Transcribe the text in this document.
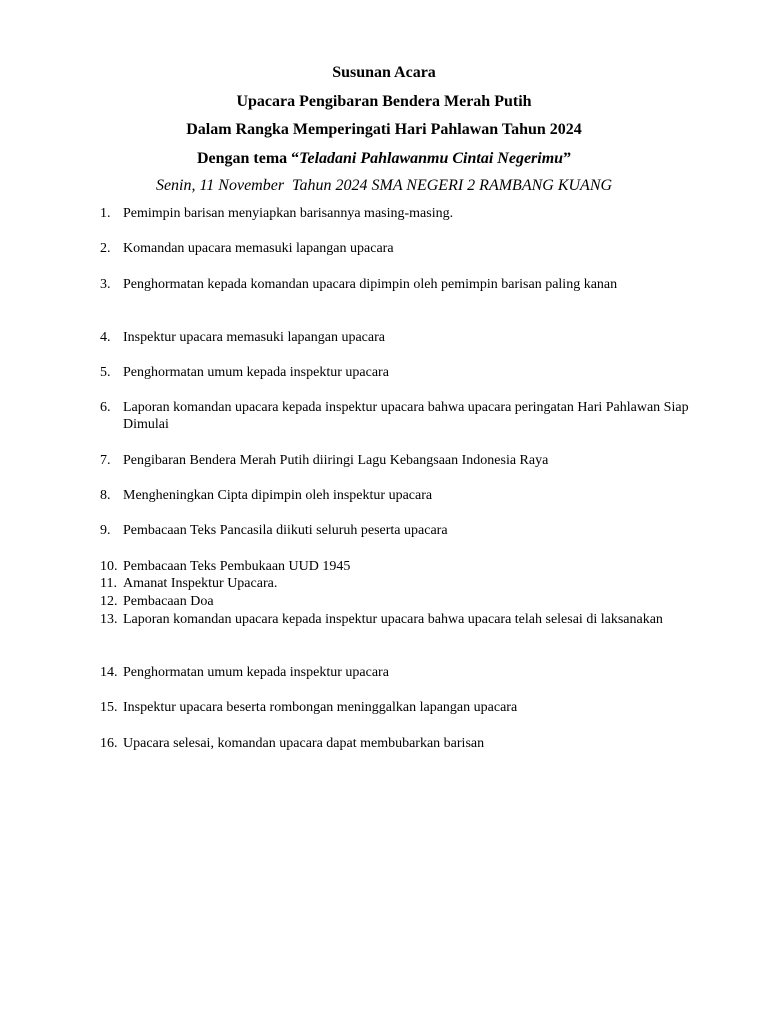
Susunan Acara
Upacara Pengibaran Bendera Merah Putih
Dalam Rangka Memperingati Hari Pahlawan Tahun 2024
Dengan tema “Teladani Pahlawanmu Cintai Negerimu”
Senin, 11 November  Tahun 2024 SMA NEGERI 2 RAMBANG KUANG
1. Pemimpin barisan menyiapkan barisannya masing-masing.
2. Komandan upacara memasuki lapangan upacara
3. Penghormatan kepada komandan upacara dipimpin oleh pemimpin barisan paling kanan
4. Inspektur upacara memasuki lapangan upacara
5. Penghormatan umum kepada inspektur upacara
6. Laporan komandan upacara kepada inspektur upacara bahwa upacara peringatan Hari Pahlawan Siap Dimulai
7. Pengibaran Bendera Merah Putih diiringi Lagu Kebangsaan Indonesia Raya
8. Mengheningkan Cipta dipimpin oleh inspektur upacara
9. Pembacaan Teks Pancasila diikuti seluruh peserta upacara
10. Pembacaan Teks Pembukaan UUD 1945
11. Amanat Inspektur Upacara.
12. Pembacaan Doa
13. Laporan komandan upacara kepada inspektur upacara bahwa upacara telah selesai di laksanakan
14. Penghormatan umum kepada inspektur upacara
15. Inspektur upacara beserta rombongan meninggalkan lapangan upacara
16. Upacara selesai, komandan upacara dapat membubarkan barisan
